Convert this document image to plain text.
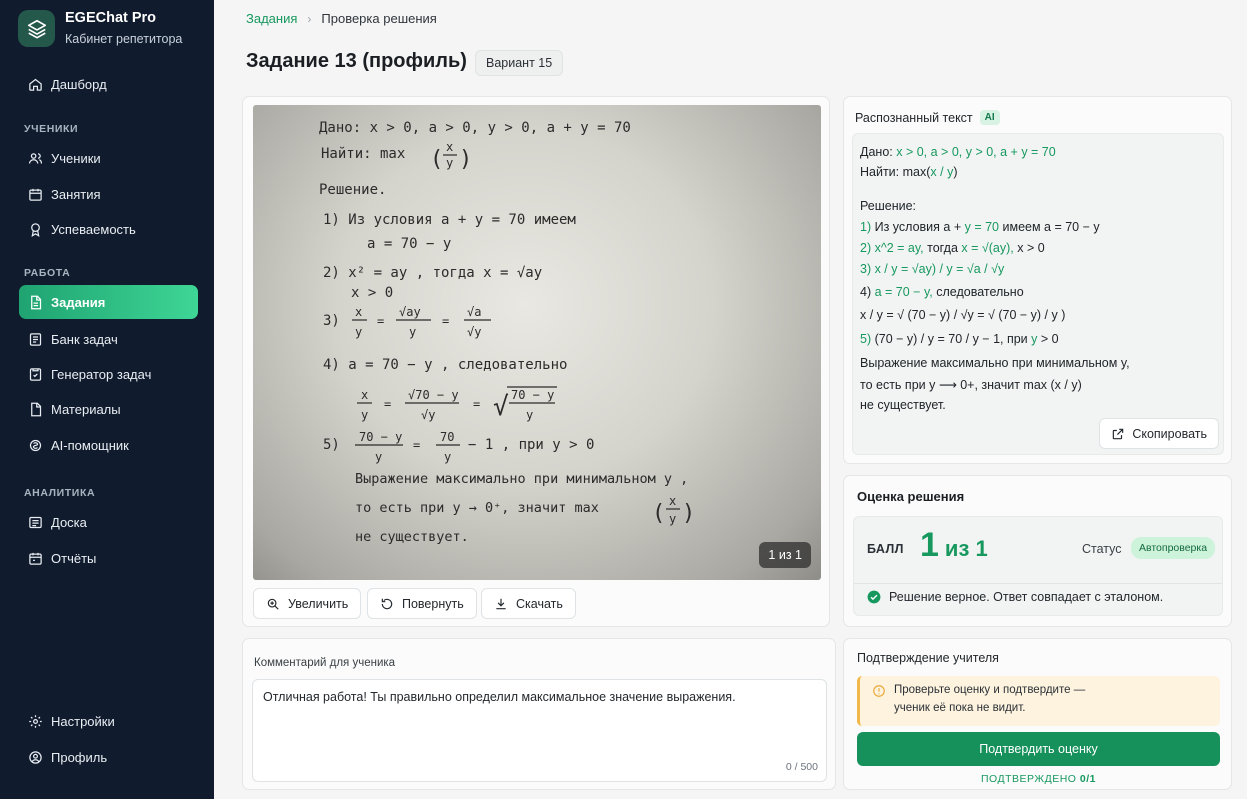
EGEChat Pro
Кабинет репетитора
Дашборд
УЧЕНИКИ
Ученики
Занятия
Успеваемость
РАБОТА
Задания
Банк задач
Генератор задач
Материалы
AI-помощник
АНАЛИТИКА
Доска
Отчёты
Настройки
Профиль
Задания › Проверка решения
Задание 13 (профиль)	Вариант 15
Дано: x > 0, a > 0, y > 0, a + y = 70
Найти: max ( x
y )
Решение.
1) Из условия a + y = 70 имеем
a = 70 − y
2) x² = ay , тогда x = √ay
x > 0
3)
x
y
=
√ay
y
=
√a
√y
4) a = 70 − y , следовательно
x
y
=
√70 − y
√y
= √ 70 − y
y
5) 70 − y
y
=
70
y
− 1 , при y > 0
Выражение максимально при минимальном y ,
то есть при y → 0⁺, значит max ( x
y )
не существует.
1 из 1
Увеличить	Повернуть	Скачать
Комментарий для ученика
Отличная работа! Ты правильно определил максимальное значение выражения.
0 / 500
Распознанный текст	AI
Дано: x > 0, a > 0, y > 0, a + y = 70
Найти: max(x / y)
Решение:
1) Из условия a + y = 70 имеем a = 70 − y
2) x^2 = ay, тогда x = √(ay), x > 0
3) x / y = √ay) / y = √a / √y
4) a = 70 − y, следовательно
x / y = √ (70 − y) / √y = √ (70 − y) / y )
5) (70 − y) / y = 70 / y − 1, при y > 0
Выражение максимально при минимальном y,
то есть при y ⟶ 0+, значит max (x / y)
не существует.
Скопировать
Оценка решения
БАЛЛ 1 из 1	Статус	Автопроверка
Решение верное. Ответ совпадает с эталоном.
Подтверждение учителя
Проверьте оценку и подтвердите —
ученик её пока не видит.
Подтвердить оценку
ПОДТВЕРЖДЕНО 0/1
